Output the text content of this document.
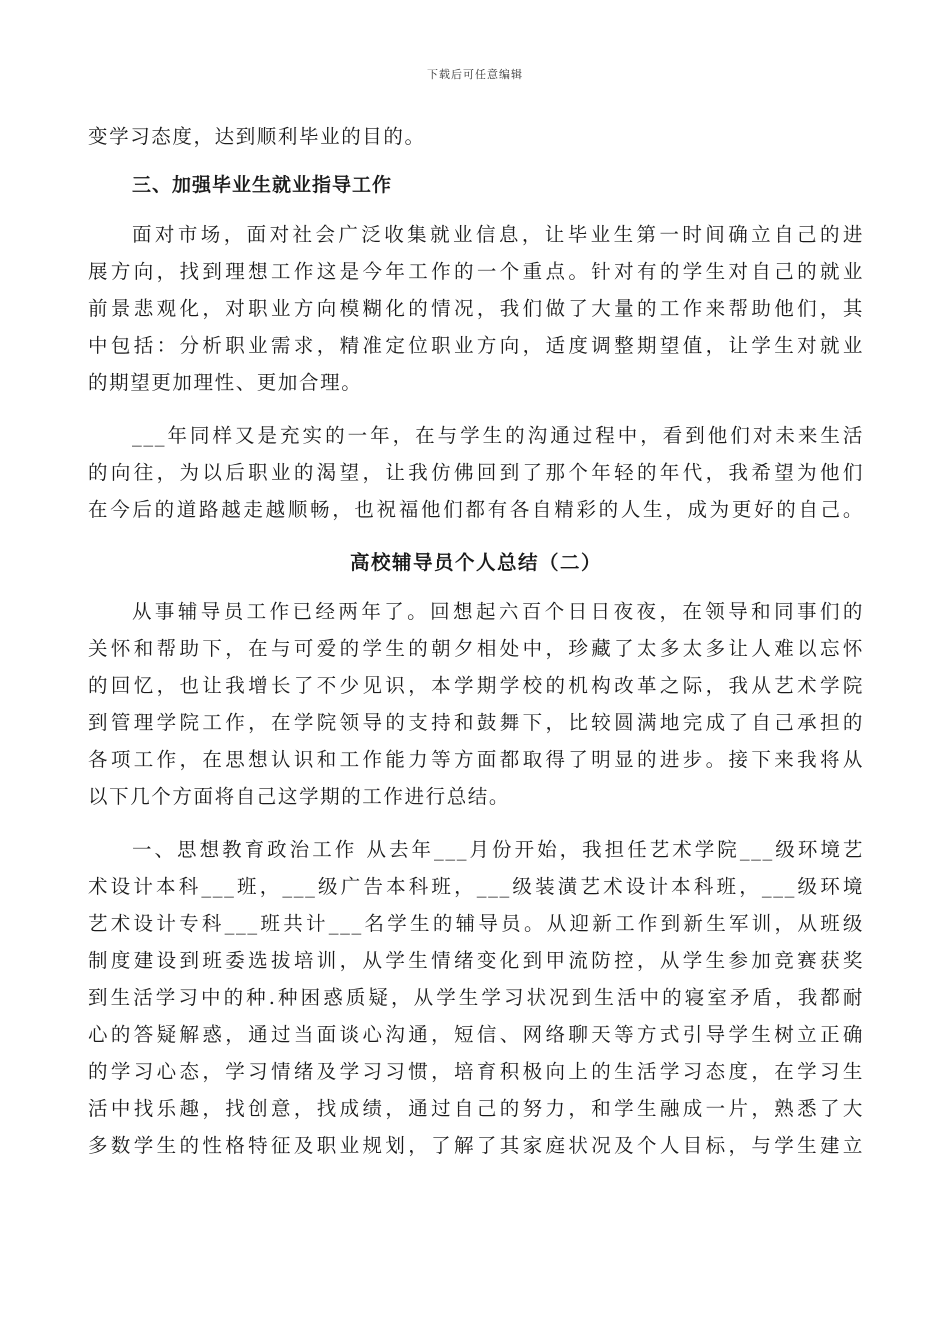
下载后可任意编辑
变学习态度，达到顺利毕业的目的。
三、加强毕业生就业指导工作
面对市场，面对社会广泛收集就业信息，让毕业生第一时间确立自己的进
展方向，找到理想工作这是今年工作的一个重点。针对有的学生对自己的就业
前景悲观化，对职业方向模糊化的情况，我们做了大量的工作来帮助他们，其
中包括：分析职业需求，精准定位职业方向，适度调整期望值，让学生对就业
的期望更加理性、更加合理。
___年同样又是充实的一年，在与学生的沟通过程中，看到他们对未来生活
的向往，为以后职业的渴望，让我仿佛回到了那个年轻的年代，我希望为他们
在今后的道路越走越顺畅，也祝福他们都有各自精彩的人生，成为更好的自己。
高校辅导员个人总结（二）
从事辅导员工作已经两年了。回想起六百个日日夜夜，在领导和同事们的
关怀和帮助下，在与可爱的学生的朝夕相处中，珍藏了太多太多让人难以忘怀
的回忆，也让我增长了不少见识，本学期学校的机构改革之际，我从艺术学院
到管理学院工作，在学院领导的支持和鼓舞下，比较圆满地完成了自己承担的
各项工作，在思想认识和工作能力等方面都取得了明显的进步。接下来我将从
以下几个方面将自己这学期的工作进行总结。
一、思想教育政治工作 从去年___月份开始，我担任艺术学院___级环境艺
术设计本科___班，___级广告本科班，___级装潢艺术设计本科班，___级环境
艺术设计专科___班共计___名学生的辅导员。从迎新工作到新生军训，从班级
制度建设到班委选拔培训，从学生情绪变化到甲流防控，从学生参加竞赛获奖
到生活学习中的种.种困惑质疑，从学生学习状况到生活中的寝室矛盾，我都耐
心的答疑解惑，通过当面谈心沟通，短信、网络聊天等方式引导学生树立正确
的学习心态，学习情绪及学习习惯，培育积极向上的生活学习态度，在学习生
活中找乐趣，找创意，找成绩，通过自己的努力，和学生融成一片，熟悉了大
多数学生的性格特征及职业规划，了解了其家庭状况及个人目标，与学生建立
